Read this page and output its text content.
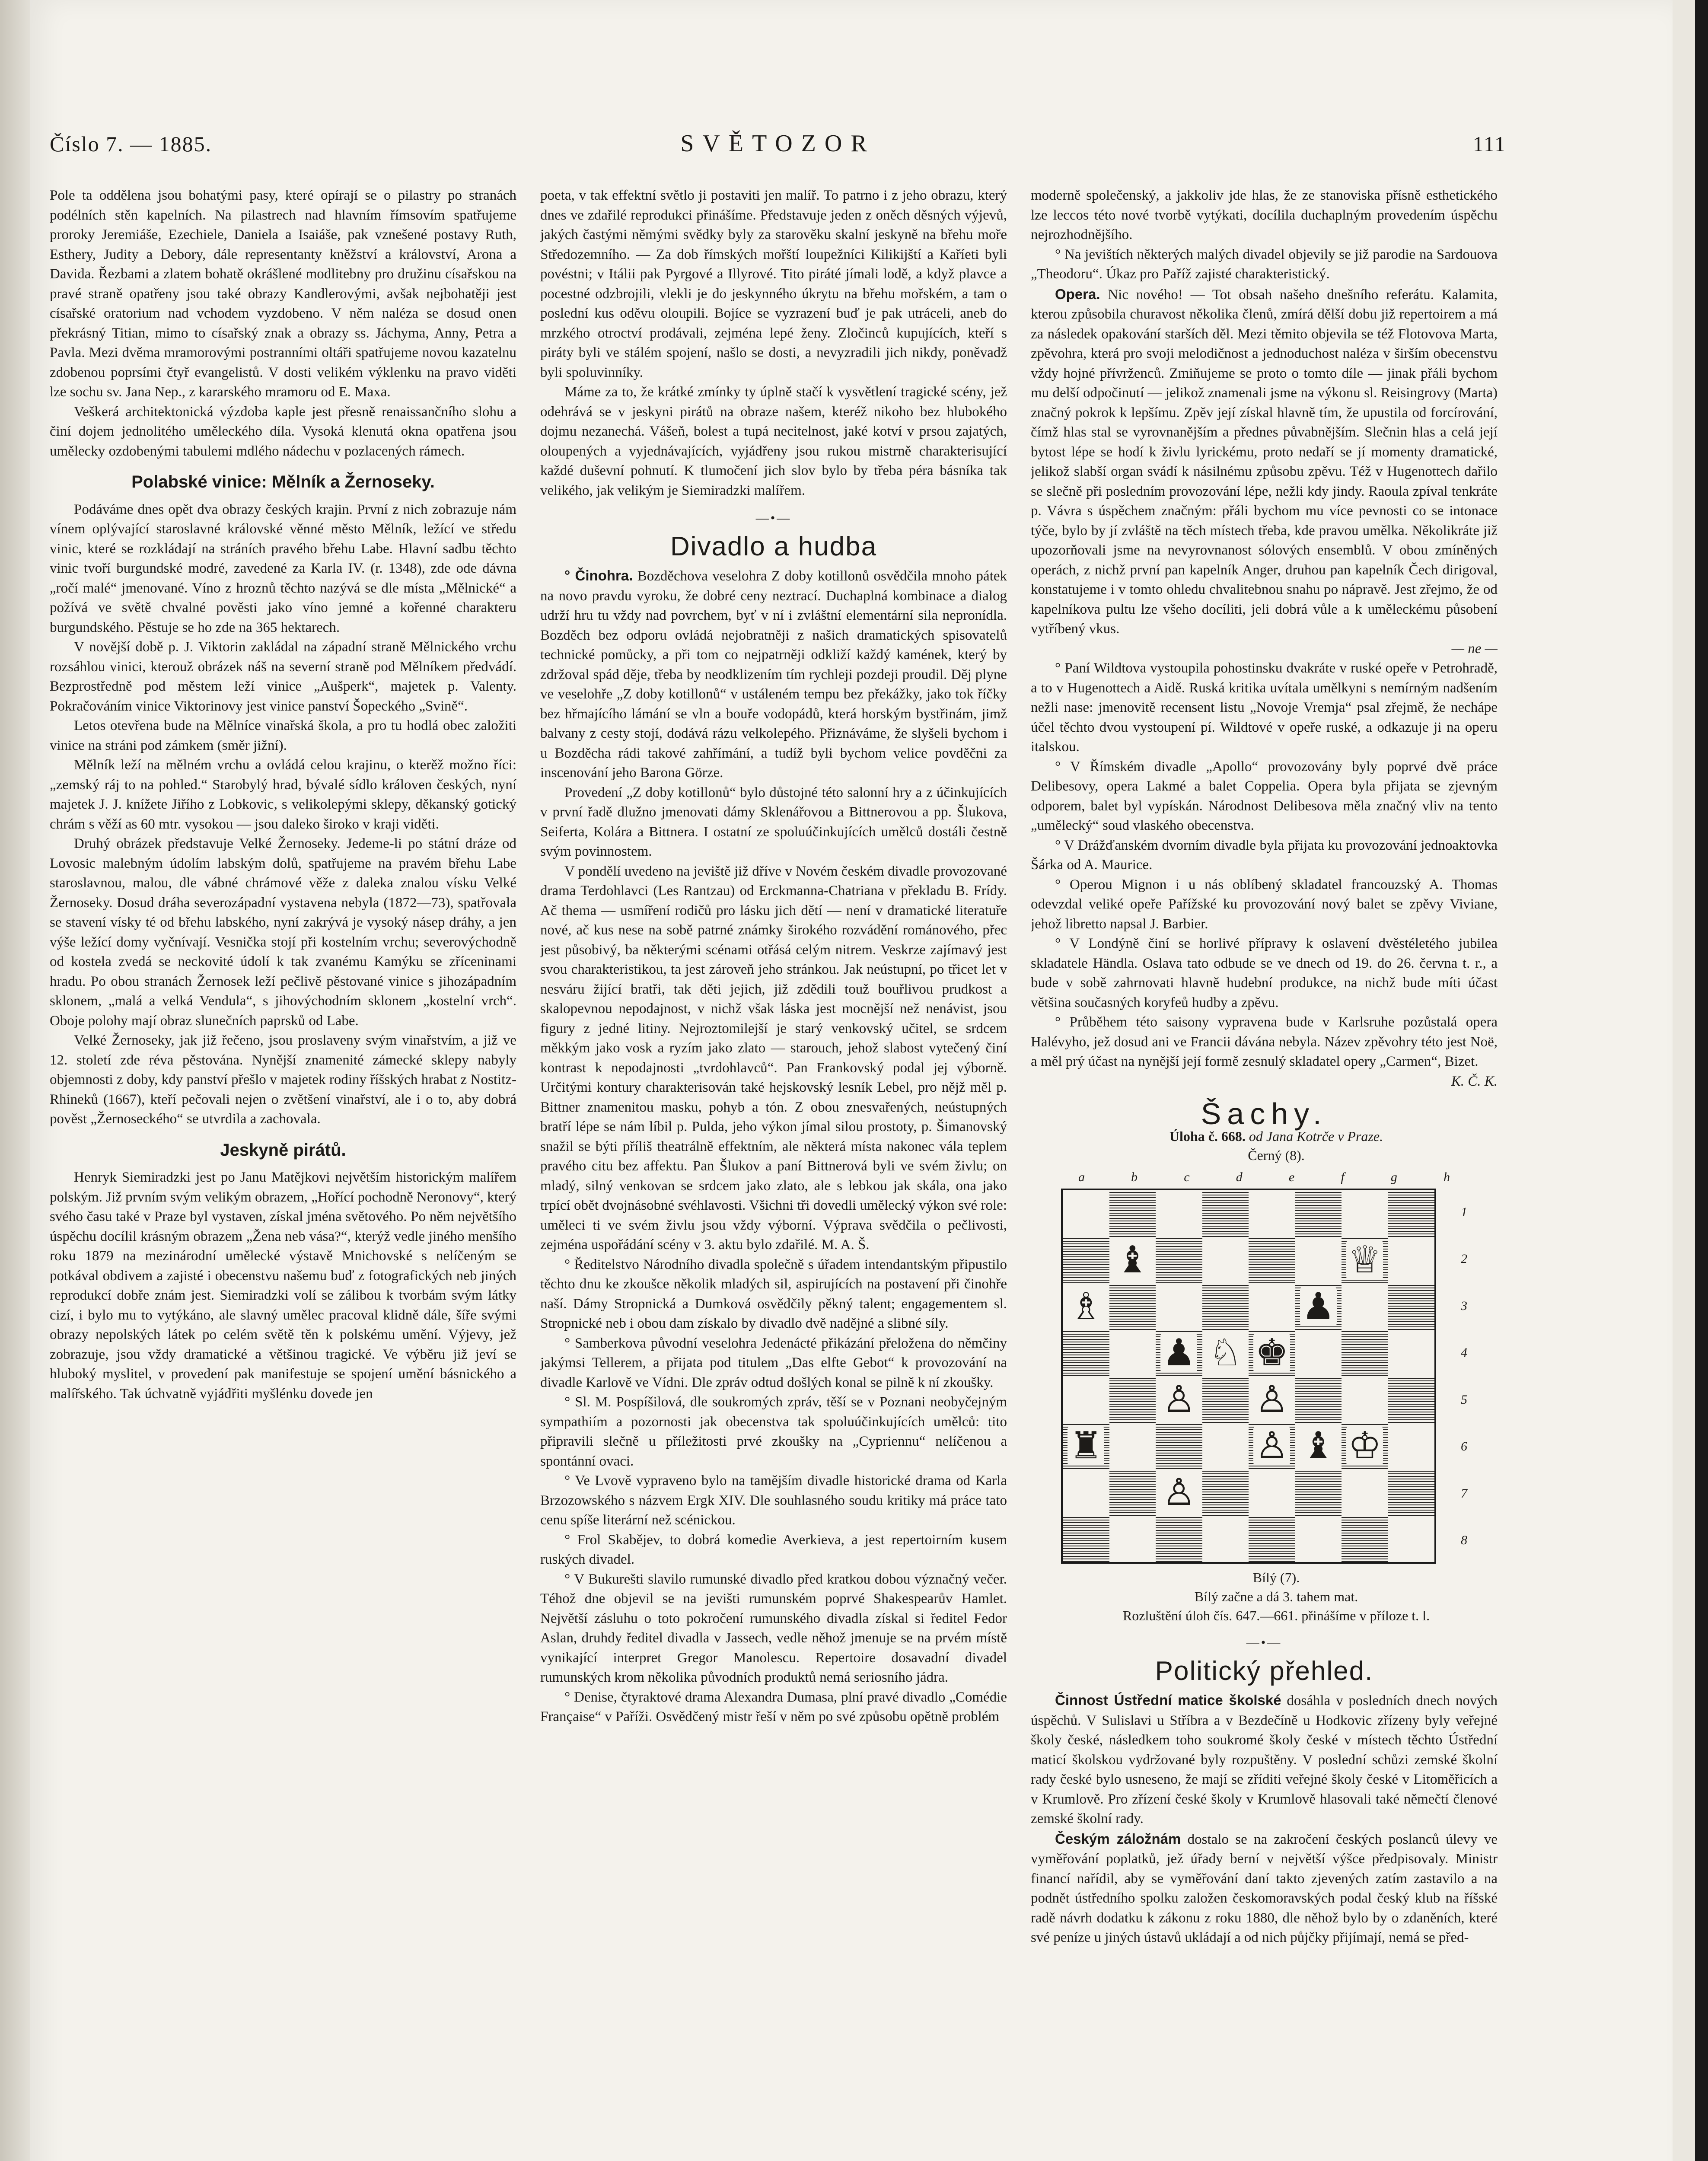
Číslo 7. — 1885.	SVĚTOZOR	111

Pole ta oddělena jsou bohatými pasy, které opírají se o pilastry po stranách podélních stěn kapelních. Na pilastrech nad hlavním římsovím spatřujeme proroky Jeremiáše, Ezechiele, Daniela a Isaiáše, pak vznešené postavy Ruth, Esthery, Judity a Debory, dále representanty kněžství a království, Arona a Davida. Řezbami a zlatem bohatě okrášlené modlitebny pro družinu císařskou na pravé straně opatřeny jsou také obrazy Kandlerovými, avšak nejbohatěji jest císařské oratorium nad vchodem vyzdobeno. V něm naléza se dosud onen překrásný Titian, mimo to císařský znak a obrazy ss. Jáchyma, Anny, Petra a Pavla. Mezi dvěma mramorovými postranními oltáři spatřujeme novou kazatelnu zdobenou poprsími čtyř evangelistů. V dosti velikém výklenku na pravo viděti lze sochu sv. Jana Nep., z kararského mramoru od E. Maxa.

Veškerá architektonická výzdoba kaple jest přesně renaissančního slohu a činí dojem jednolitého uměleckého díla. Vysoká klenutá okna opatřena jsou umělecky ozdobenými tabulemi mdlého nádechu v pozlacených rámech.

Polabské vinice: Mělník a Žernoseky.

Podáváme dnes opět dva obrazy českých krajin. První z nich zobrazuje nám vínem oplývající staroslavné královské věnné město Mělník, ležící ve středu vinic, které se rozkládají na stráních pravého břehu Labe. Hlavní sadbu těchto vinic tvoří burgundské modré, zavedené za Karla IV. (r. 1348), zde ode dávna „ročí malé“ jmenované. Víno z hroznů těchto nazývá se dle místa „Mělnické“ a požívá ve světě chvalné pověsti jako víno jemné a kořenné charakteru burgundského. Pěstuje se ho zde na 365 hektarech.

V novější době p. J. Viktorin zakládal na západní straně Mělnického vrchu rozsáhlou vinici, kterouž obrázek náš na severní straně pod Mělníkem předvádí. Bezprostředně pod městem leží vinice „Aušperk“, majetek p. Valenty. Pokračováním vinice Viktorinovy jest vinice panství Šopeckého „Svině“.

Letos otevřena bude na Mělníce vinařská škola, a pro tu hodlá obec založiti vinice na stráni pod zámkem (směr jižní).

Mělník leží na mělném vrchu a ovládá celou krajinu, o kterěž možno říci: „zemský ráj to na pohled.“ Starobylý hrad, bývalé sídlo královen českých, nyní majetek J. J. knížete Jiřího z Lobkovic, s velikolepými sklepy, děkanský gotický chrám s věží as 60 mtr. vysokou — jsou daleko široko v kraji viděti.

Druhý obrázek představuje Velké Žernoseky. Jedeme-li po státní dráze od Lovosic malebným údolím labským dolů, spatřujeme na pravém břehu Labe staroslavnou, malou, dle vábné chrámové věže z daleka znalou vísku Velké Žernoseky. Dosud dráha severozápadní vystavena nebyla (1872—73), spatřovala se stavení vísky té od břehu labského, nyní zakrývá je vysoký násep dráhy, a jen výše ležící domy vyčnívají. Vesnička stojí při kostelním vrchu; severovýchodně od kostela zvedá se neckovité údolí k tak zvanému Kamýku se zříceninami hradu. Po obou stranách Žernosek leží pečlivě pěstované vinice s jihozápadním sklonem, „malá a velká Vendula“, s jihovýchodním sklonem „kostelní vrch“. Oboje polohy mají obraz slunečních paprsků od Labe.

Velké Žernoseky, jak již řečeno, jsou proslaveny svým vinařstvím, a již ve 12. století zde réva pěstována. Nynější znamenité zámecké sklepy nabyly objemnosti z doby, kdy panství přešlo v majetek rodiny říšských hrabat z Nostitz-Rhineků (1667), kteří pečovali nejen o zvětšení vinařství, ale i o to, aby dobrá pověst „Žernoseckého“ se utvrdila a zachovala.

Jeskyně pirátů.

Henryk Siemiradzki jest po Janu Matějkovi největším historickým malířem polským. Již prvním svým velikým obrazem, „Hořící pochodně Neronovy“, který svého času také v Praze byl vystaven, získal jména světového. Po něm největšího úspěchu docílil krásným obrazem „Žena neb vása?“, kterýž vedle jiného menšího roku 1879 na mezinárodní umělecké výstavě Mnichovské s nelíčeným se potkával obdivem a zajisté i obecenstvu našemu buď z fotografických neb jiných reprodukcí dobře znám jest. Siemiradzki volí se zálibou k tvorbám svým látky cizí, i bylo mu to vytýkáno, ale slavný umělec pracoval klidně dále, šíře svými obrazy nepolských látek po celém světě těn k polskému umění. Výjevy, jež zobrazuje, jsou vždy dramatické a většinou tragické. Ve výběru již jeví se hluboký myslitel, v provedení pak manifestuje se spojení umění básnického a malířského. Tak úchvatně vyjádřiti myšlénku dovede jen

poeta, v tak effektní světlo ji postaviti jen malíř. To patrno i z jeho obrazu, který dnes ve zdařilé reprodukci přinášíme. Představuje jeden z oněch děsných výjevů, jakých častými němými svědky byly za starověku skalní jeskyně na břehu moře Středozemního. — Za dob římských mořští loupežníci Kilikijští a Kaříeti byli povéstni; v Itálii pak Pyrgové a Illyrové. Tito piráté jímali lodě, a když plavce a pocestné odzbrojili, vlekli je do jeskynného úkrytu na břehu mořském, a tam o poslední kus oděvu oloupili. Bojíce se vyzrazení buď je pak utráceli, aneb do mrzkého otroctví prodávali, zejména lepé ženy. Zločinců kupujících, kteří s piráty byli ve stálém spojení, našlo se dosti, a nevyzradili jich nikdy, poněvadž byli spoluvinníky.

Máme za to, že krátké zmínky ty úplně stačí k vysvětlení tragické scény, jež odehrává se v jeskyni pirátů na obraze našem, kteréž nikoho bez hlubokého dojmu nezanechá. Vášeň, bolest a tupá necitelnost, jaké kotví v prsou zajatých, oloupených a vyjednávajících, vyjádřeny jsou rukou mistrně charakterisující každé duševní pohnutí. K tlumočení jich slov bylo by třeba péra básníka tak velikého, jak velikým je Siemiradzki malířem.

—•—
Divadlo a hudba

° Činohra. Bozděchova veselohra Z doby kotillonů osvědčila mnoho pátek na novo pravdu vyroku, že dobré ceny neztrací. Duchaplná kombinace a dialog udrží hru tu vždy nad povrchem, byť v ní i zvláštní elementární sila nepronídla. Bozděch bez odporu ovládá nejobratněji z našich dramatických spisovatelů technické pomůcky, a při tom co nejpatrněji odkliží každý kamének, který by zdržoval spád děje, třeba by neodklizením tím rychleji pozdeji proudil. Děj plyne ve veselohře „Z doby kotillonů“ v ustáleném tempu bez překážky, jako tok říčky bez hřmajícího lámání se vln a bouře vodopádů, která horským bystřinám, jimž balvany z cesty stojí, dodává rázu velkolepého. Přiznáváme, že slyšeli bychom i u Bozděcha rádi takové zahřímání, a tudíž byli bychom velice povděčni za inscenování jeho Barona Görze.

Provedení „Z doby kotillonů“ bylo důstojné této salonní hry a z účinkujících v první řadě dlužno jmenovati dámy Sklenářovou a Bittnerovou a pp. Šlukova, Seiferta, Kolára a Bittnera. I ostatní ze spoluúčinkujících umělců dostáli čestně svým povinnostem.

V pondělí uvedeno na jeviště již dříve v Novém českém divadle provozované drama Terdohlavci (Les Rantzau) od Erckmanna-Chatriana v překladu B. Frídy. Ač thema — usmíření rodičů pro lásku jich dětí — není v dramatické literatuře nové, ač kus nese na sobě patrné známky širokého rozvádění románového, přec jest působivý, ba některými scénami otřásá celým nitrem. Veskrze zajímavý jest svou charakteristikou, ta jest zároveň jeho stránkou. Jak neústupní, po třicet let v nesváru žijící bratři, tak děti jejich, již zdědili touž bouřlivou prudkost a skalopevnou nepodajnost, v nichž však láska jest mocnější než nenávist, jsou figury z jedné litiny. Nejroztomilejší je starý venkovský učitel, se srdcem měkkým jako vosk a ryzím jako zlato — starouch, jehož slabost vytečený činí kontrast k nepodajnosti „tvrdohlavců“. Pan Frankovský podal jej výborně. Určitými kontury charakterisován také hejskovský lesník Lebel, pro nějž měl p. Bittner znamenitou masku, pohyb a tón. Z obou znesvařených, neústupných bratří lépe se nám líbil p. Pulda, jeho výkon jímal silou prostoty, p. Šimanovský snažil se býti příliš theatrálně effektním, ale některá místa nakonec vála teplem pravého citu bez affektu. Pan Šlukov a paní Bittnerová byli ve svém živlu; on mladý, silný venkovan se srdcem jako zlato, ale s lebkou jak skála, ona jako trpící obět dvojnásobné svéhlavosti. Všichni tři dovedli umělecký výkon své role: uměleci ti ve svém živlu jsou vždy výborní. Výprava svědčila o pečlivosti, zejména uspořádání scény v 3. aktu bylo zdařilé. M. A. Š.

° Ředitelstvo Národního divadla společně s úřadem intendantským připustilo těchto dnu ke zkoušce několik mladých sil, aspirujících na postavení při činohře naší. Dámy Stropnická a Dumková osvědčily pěkný talent; engagementem sl. Stropnické neb i obou dam získalo by divadlo dvě nadějné a slibné síly.

° Samberkova původní veselohra Jedenácté přikázání přeložena do němčiny jakýmsi Tellerem, a přijata pod titulem „Das elfte Gebot“ k provozování na divadle Karlově ve Vídni. Dle zpráv odtud došlých konal se pilně k ní zkoušky.

° Sl. M. Pospíšilová, dle soukromých zpráv, těší se v Poznani neobyčejným sympathiím a pozornosti jak obecenstva tak spoluúčinkujících umělců: tito připravili slečně u příležitosti prvé zkoušky na „Cypriennu“ nelíčenou a spontánní ovaci.

° Ve Lvově vypraveno bylo na tamějším divadle historické drama od Karla Brzozowského s názvem Ergk XIV. Dle souhlasného soudu kritiky má práce tato cenu spíše literární než scénickou.

° Frol Skabějev, to dobrá komedie Averkieva, a jest repertoirním kusem ruských divadel.

° V Bukurešti slavilo rumunské divadlo před kratkou dobou význačný večer. Téhož dne objevil se na jevišti rumunském poprvé Shakespearův Hamlet. Největší zásluhu o toto pokročení rumunského divadla získal si ředitel Fedor Aslan, druhdy ředitel divadla v Jassech, vedle něhož jmenuje se na prvém místě vynikající interpret Gregor Manolescu. Repertoire dosavadní divadel rumunských krom několika původních produktů nemá seriosního jádra.

° Denise, čtyraktové drama Alexandra Dumasa, plní pravé divadlo „Comédie Française“ v Paříži. Osvědčený mistr řeší v něm po své způsobu opětně problém

moderně společenský, a jakkoliv jde hlas, že ze stanoviska přísně esthetického lze leccos této nové tvorbě vytýkati, docílila duchaplným provedením úspěchu nejrozhodnějšího.

° Na jevištích některých malých divadel objevily se již parodie na Sardouova „Theodoru“. Úkaz pro Paříž zajisté charakteristický.

Opera. Nic nového! — Tot obsah našeho dnešního referátu. Kalamita, kterou způsobila churavost několika členů, zmírá dělší dobu již repertoirem a má za následek opakování starších děl. Mezi těmito objevila se též Flotovova Marta, zpěvohra, která pro svoji melodičnost a jednoduchost naléza v širším obecenstvu vždy hojné přívrženců. Zmiňujeme se proto o tomto díle — jinak přáli bychom mu delší odpočinutí — jelikož znamenali jsme na výkonu sl. Reisingrovy (Marta) značný pokrok k lepšímu. Zpěv její získal hlavně tím, že upustila od forcírování, čímž hlas stal se vyrovnanějším a přednes půvabnějším. Slečnin hlas a celá její bytost lépe se hodí k živlu lyrickému, proto nedaří se jí momenty dramatické, jelikož slabší organ svádí k násilnému způsobu zpěvu. Též v Hugenottech dařilo se slečně při posledním provozování lépe, nežli kdy jindy. Raoula zpíval tenkráte p. Vávra s úspěchem značným: přáli bychom mu více pevnosti co se intonace týče, bylo by jí zvláště na těch místech třeba, kde pravou umělka. Několikráte již upozorňovali jsme na nevyrovnanost sólových ensemblů. V obou zmíněných operách, z nichž první pan kapelník Anger, druhou pan kapelník Čech dirigoval, konstatujeme i v tomto ohledu chvalitebnou snahu po nápravě. Jest zřejmo, že od kapelníkova pultu lze všeho docíliti, jeli dobrá vůle a k uměleckému působení vytříbený vkus.

— ne —

° Paní Wildtova vystoupila pohostinsku dvakráte v ruské opeře v Petrohradě, a to v Hugenottech a Aidě. Ruská kritika uvítala umělkyni s nemírným nadšením nežli nase: jmenovitě recensent listu „Novoje Vremja“ psal zřejmě, že nechápe účel těchto dvou vystoupení pí. Wildtové v opeře ruské, a odkazuje ji na operu italskou.

° V Římském divadle „Apollo“ provozovány byly poprvé dvě práce Delibesovy, opera Lakmé a balet Coppelia. Opera byla přijata se zjevným odporem, balet byl vypískán. Národnost Delibesova měla značný vliv na tento „umělecký“ soud vlaského obecenstva.

° V Drážďanském dvorním divadle byla přijata ku provozování jednoaktovka Šárka od A. Maurice.

° Operou Mignon i u nás oblíbený skladatel francouzský A. Thomas odevzdal veliké opeře Pařížské ku provozování nový balet se zpěvy Viviane, jehož libretto napsal J. Barbier.

° V Londýně činí se horlivé přípravy k oslavení dvěstéletého jubilea skladatele Händla. Oslava tato odbude se ve dnech od 19. do 26. června t. r., a bude v sobě zahrnovati hlavně hudební produkce, na nichž bude míti účast většina současných koryfeů hudby a zpěvu.

° Průběhem této saisony vypravena bude v Karlsruhe pozůstalá opera Halévyho, jež dosud ani ve Francii dávána nebyla. Název zpěvohry této jest Noë, a měl prý účast na nynější její formě zesnulý skladatel opery „Carmen“, Bizet.

K. Č. K.

Šachy.

Úloha č. 668. od Jana Kotrče v Praze.

Černý (8).

a	b	c	d	e	f	g	h
♝	♕
♗	♟
♟ ♘ ♚
♙ ♙
♜	♙ ♝ ♔
♙
1
2
3
4
5
6
7
8

Bílý (7).

Bílý začne a dá 3. tahem mat.

Rozluštění úloh čís. 647.—661. přinášíme v příloze t. l.

—•—
Politický přehled.

Činnost Ústřední matice školské dosáhla v posledních dnech nových úspěchů. V Sulislavi u Stříbra a v Bezdečíně u Hodkovic zřízeny byly veřejné školy české, následkem toho soukromé školy české v místech těchto Ústřední maticí školskou vydržované byly rozpuštěny. V poslední schůzi zemské školní rady české bylo usneseno, že mají se zříditi veřejné školy české v Litoměřicích a v Krumlově. Pro zřízení české školy v Krumlově hlasovali také němečtí členové zemské školní rady.

Českým záložnám dostalo se na zakročení českých poslanců úlevy ve vyměřování poplatků, jež úřady berní v největší výšce předpisovaly. Ministr financí nařídil, aby se vyměřování daní takto zjevených zatím zastavilo a na podnět ústředního spolku založen českomoravských podal český klub na říšské radě návrh dodatku k zákonu z roku 1880, dle něhož bylo by o zdaněních, které své peníze u jiných ústavů ukládají a od nich půjčky přijímají, nemá se před-
